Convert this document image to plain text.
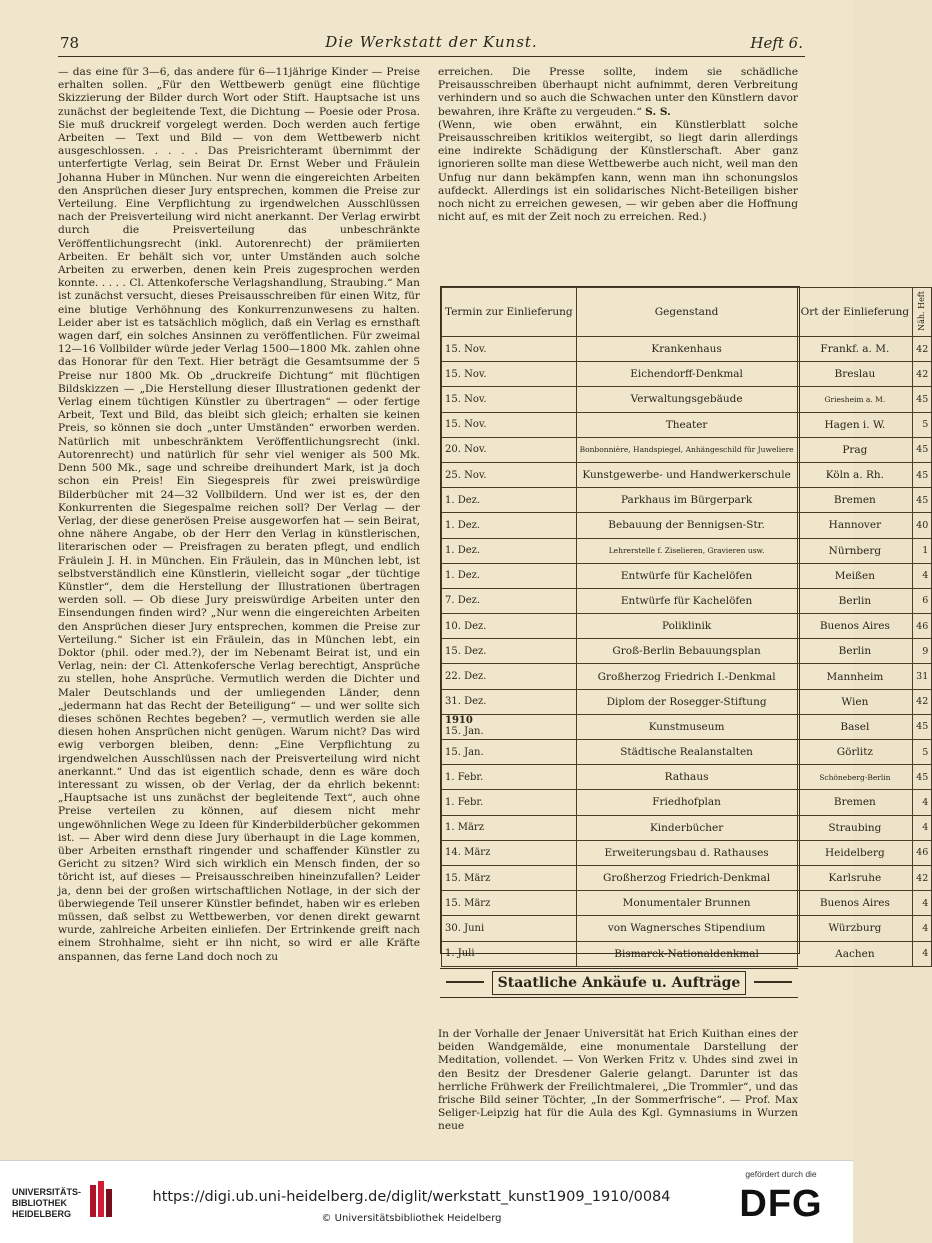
78	Die Werkstatt der Kunst.	Heft 6.

— das eine für 3—6, das andere für 6—11jährige Kinder — Preise erhalten sollen. „Für den Wettbewerb genügt eine flüchtige Skizzierung der Bilder durch Wort oder Stift. Hauptsache ist uns zunächst der begleitende Text, die Dichtung — Poesie oder Prosa. Sie muß druckreif vorgelegt werden. Doch werden auch fertige Arbeiten — Text und Bild — von dem Wettbewerb nicht ausgeschlossen. . . . . Das Preisrichteramt übernimmt der unterfertigte Verlag, sein Beirat Dr. Ernst Weber und Fräulein Johanna Huber in München. Nur wenn die eingereichten Arbeiten den Ansprüchen dieser Jury entsprechen, kommen die Preise zur Verteilung. Eine Verpflichtung zu irgendwelchen Ausschlüssen nach der Preisverteilung wird nicht anerkannt. Der Verlag erwirbt durch die Preisverteilung das unbeschränkte Veröffentlichungsrecht (inkl. Autorenrecht) der prämiierten Arbeiten. Er behält sich vor, unter Umständen auch solche Arbeiten zu erwerben, denen kein Preis zugesprochen werden konnte. . . . . Cl. Attenkofersche Verlagshandlung, Straubing.“ Man ist zunächst versucht, dieses Preisausschreiben für einen Witz, für eine blutige Verhöhnung des Konkurrenzunwesens zu halten. Leider aber ist es tatsächlich möglich, daß ein Verlag es ernsthaft wagen darf, ein solches Ansinnen zu veröffentlichen. Für zweimal 12—16 Vollbilder würde jeder Verlag 1500—1800 Mk. zahlen ohne das Honorar für den Text. Hier beträgt die Gesamtsumme der 5 Preise nur 1800 Mk. Ob „druckreife Dichtung“ mit flüchtigen Bildskizzen — „Die Herstellung dieser Illustrationen gedenkt der Verlag einem tüchtigen Künstler zu übertragen“ — oder fertige Arbeit, Text und Bild, das bleibt sich gleich; erhalten sie keinen Preis, so können sie doch „unter Umständen“ erworben werden. Natürlich mit unbeschränktem Veröffentlichungsrecht (inkl. Autorenrecht) und natürlich für sehr viel weniger als 500 Mk. Denn 500 Mk., sage und schreibe dreihundert Mark, ist ja doch schon ein Preis! Ein Siegespreis für zwei preiswürdige Bilderbücher mit 24—32 Vollbildern. Und wer ist es, der den Konkurrenten die Siegespalme reichen soll? Der Verlag — der Verlag, der diese generösen Preise ausgeworfen hat — sein Beirat, ohne nähere Angabe, ob der Herr den Verlag in künstlerischen, literarischen oder — Preisfragen zu beraten pflegt, und endlich Fräulein J. H. in München. Ein Fräulein, das in München lebt, ist selbstverständlich eine Künstlerin, vielleicht sogar „der tüchtige Künstler“, dem die Herstellung der Illustrationen übertragen werden soll. — Ob diese Jury preiswürdige Arbeiten unter den Einsendungen finden wird? „Nur wenn die eingereichten Arbeiten den Ansprüchen dieser Jury entsprechen, kommen die Preise zur Verteilung.“ Sicher ist ein Fräulein, das in München lebt, ein Doktor (phil. oder med.?), der im Nebenamt Beirat ist, und ein Verlag, nein: der Cl. Attenkofersche Verlag berechtigt, Ansprüche zu stellen, hohe Ansprüche. Vermutlich werden die Dichter und Maler Deutschlands und der umliegenden Länder, denn „jedermann hat das Recht der Beteiligung“ — und wer sollte sich dieses schönen Rechtes begeben? —, vermutlich werden sie alle diesen hohen Ansprüchen nicht genügen. Warum nicht? Das wird ewig verborgen bleiben, denn: „Eine Verpflichtung zu irgendwelchen Ausschlüssen nach der Preisverteilung wird nicht anerkannt.“ Und das ist eigentlich schade, denn es wäre doch interessant zu wissen, ob der Verlag, der da ehrlich bekennt: „Hauptsache ist uns zunächst der begleitende Text“, auch ohne Preise verteilen zu können, auf diesem nicht mehr ungewöhnlichen Wege zu Ideen für Kinderbilderbücher gekommen ist. — Aber wird denn diese Jury überhaupt in die Lage kommen, über Arbeiten ernsthaft ringender und schaffender Künstler zu Gericht zu sitzen? Wird sich wirklich ein Mensch finden, der so töricht ist, auf dieses — Preisausschreiben hineinzufallen? Leider ja, denn bei der großen wirtschaftlichen Notlage, in der sich der überwiegende Teil unserer Künstler befindet, haben wir es erleben müssen, daß selbst zu Wettbewerben, vor denen direkt gewarnt wurde, zahlreiche Arbeiten einliefen. Der Ertrinkende greift nach einem Strohhalme, sieht er ihn nicht, so wird er alle Kräfte anspannen, das ferne Land doch noch zu

erreichen. Die Presse sollte, indem sie schädliche Preisausschreiben überhaupt nicht aufnimmt, deren Verbreitung verhindern und so auch die Schwachen unter den Künstlern davor bewahren, ihre Kräfte zu vergeuden.“ S. S.

(Wenn, wie oben erwähnt, ein Künstlerblatt solche Preisausschreiben kritiklos weitergibt, so liegt darin allerdings eine indirekte Schädigung der Künstlerschaft. Aber ganz ignorieren sollte man diese Wettbewerbe auch nicht, weil man den Unfug nur dann bekämpfen kann, wenn man ihn schonungslos aufdeckt. Allerdings ist ein solidarisches Nicht-Beteiligen bisher noch nicht zu erreichen gewesen, — wir geben aber die Hoffnung nicht auf, es mit der Zeit noch zu erreichen. Red.)

Termin zur Einlieferung	Gegenstand	Ort der Einlieferung	Näh. Heft
15. Nov.	Krankenhaus	Frankf. a. M.	42
15. Nov.	Eichendorff-Denkmal	Breslau	42
15. Nov.	Verwaltungsgebäude	Griesheim a. M.	45
15. Nov.	Theater	Hagen i. W.	5
20. Nov.	Bonbonnière, Handspiegel, Anhängeschild für Juweliere	Prag	45
25. Nov.	Kunstgewerbe- und Handwerkerschule	Köln a. Rh.	45
1. Dez.	Parkhaus im Bürgerpark	Bremen	45
1. Dez.	Bebauung der Bennigsen-Str.	Hannover	40
1. Dez.	Lehrerstelle f. Ziselieren, Gravieren usw.	Nürnberg	1
1. Dez.	Entwürfe für Kachelöfen	Meißen	4
7. Dez.	Entwürfe für Kachelöfen	Berlin	6
10. Dez.	Poliklinik	Buenos Aires	46
15. Dez.	Groß-Berlin Bebauungsplan	Berlin	9
22. Dez.	Großherzog Friedrich I.-Denkmal	Mannheim	31
31. Dez.	Diplom der Rosegger-Stiftung	Wien	42

1910
15. Jan.	Kunstmuseum	Basel	45
15. Jan.	Städtische Realanstalten	Görlitz	5
1. Febr.	Rathaus	Schöneberg-Berlin	45
1. Febr.	Friedhofplan	Bremen	4
1. März	Kinderbücher	Straubing	4
14. März	Erweiterungsbau d. Rathauses	Heidelberg	46
15. März	Großherzog Friedrich-Denkmal	Karlsruhe	42
15. März	Monumentaler Brunnen	Buenos Aires	4
30. Juni	von Wagnersches Stipendium	Würzburg	4
1. Juli	Bismarck-Nationaldenkmal	Aachen	4
Staatliche Ankäufe u. Aufträge

In der Vorhalle der Jenaer Universität hat Erich Kuithan eines der beiden Wandgemälde, eine monumentale Darstellung der Meditation, vollendet. — Von Werken Fritz v. Uhdes sind zwei in den Besitz der Dresdener Galerie gelangt. Darunter ist das herrliche Frühwerk der Freilichtmalerei, „Die Trommler“, und das frische Bild seiner Töchter, „In der Sommerfrische“. — Prof. Max Seliger-Leipzig hat für die Aula des Kgl. Gymnasiums in Wurzen neue

UNIVERSITÄTS-
BIBLIOTHEK
HEIDELBERG
https://digi.ub.uni-heidelberg.de/diglit/werkstatt_kunst1909_1910/0084
© Universitätsbibliothek Heidelberg
gefördert durch die
DFG
